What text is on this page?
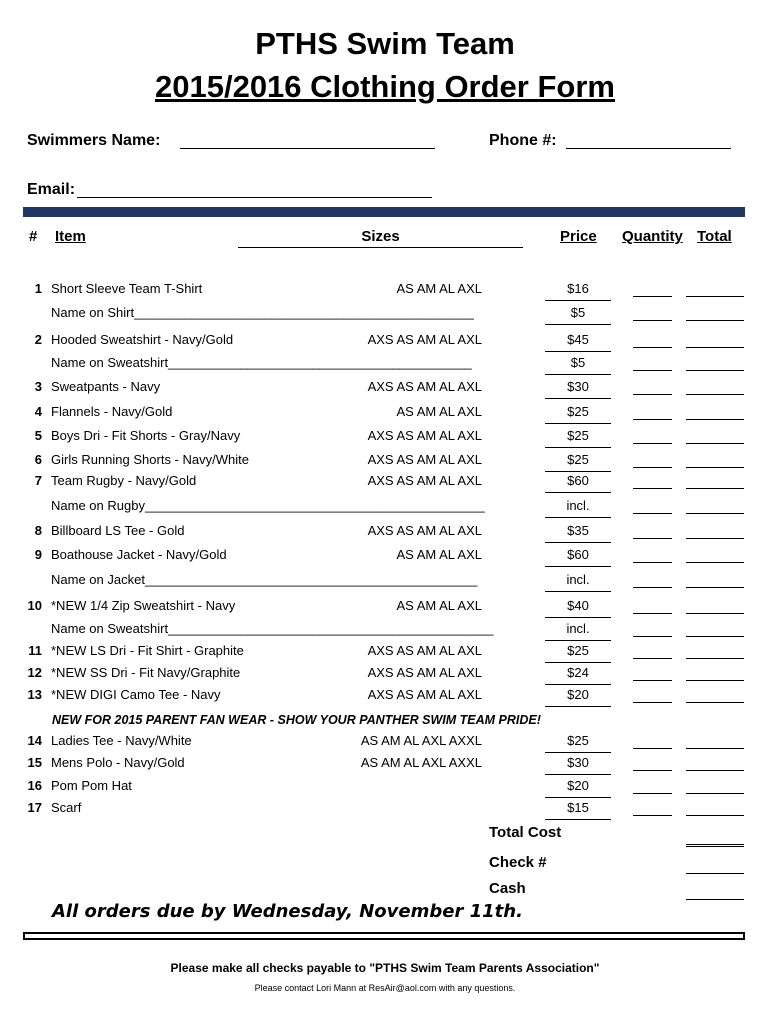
PTHS Swim Team
2015/2016 Clothing Order Form
Swimmers Name:	Phone #:
Email:
# Item	Sizes	Price Quantity Total
1 Short Sleeve Team T-Shirt	AS AM AL AXL	$16
Name on Shirt_______________________________________________	$5
2 Hooded Sweatshirt - Navy/Gold	AXS AS AM AL AXL	$45
Name on Sweatshirt__________________________________________	$5
3 Sweatpants - Navy	AXS AS AM AL AXL	$30
4 Flannels - Navy/Gold	AS AM AL AXL	$25
5 Boys Dri - Fit Shorts - Gray/Navy	AXS AS AM AL AXL	$25
6 Girls Running Shorts - Navy/White	AXS AS AM AL AXL	$25
7 Team Rugby - Navy/Gold	AXS AS AM AL AXL	$60
Name on Rugby_______________________________________________	incl.
8 Billboard LS Tee - Gold	AXS AS AM AL AXL	$35
9 Boathouse Jacket - Navy/Gold	AS AM AL AXL	$60
Name on Jacket______________________________________________	incl.
10 *NEW 1/4 Zip Sweatshirt - Navy	AS AM AL AXL	$40
Name on Sweatshirt_____________________________________________	incl.
11 *NEW LS Dri - Fit Shirt - Graphite	AXS AS AM AL AXL	$25
12 *NEW SS Dri - Fit Navy/Graphite	AXS AS AM AL AXL	$24
13 *NEW DIGI Camo Tee - Navy	AXS AS AM AL AXL	$20
NEW FOR 2015 PARENT FAN WEAR - SHOW YOUR PANTHER SWIM TEAM PRIDE!
14 Ladies Tee - Navy/White	AS AM AL AXL AXXL	$25
15 Mens Polo - Navy/Gold	AS AM AL AXL AXXL	$30
16 Pom Pom Hat	$20
17 Scarf	$15
Total Cost
Check #
Cash
All orders due by Wednesday, November 11th.
Please make all checks payable to "PTHS Swim Team Parents Association"
Please contact Lori Mann at ResAir@aol.com with any questions.
